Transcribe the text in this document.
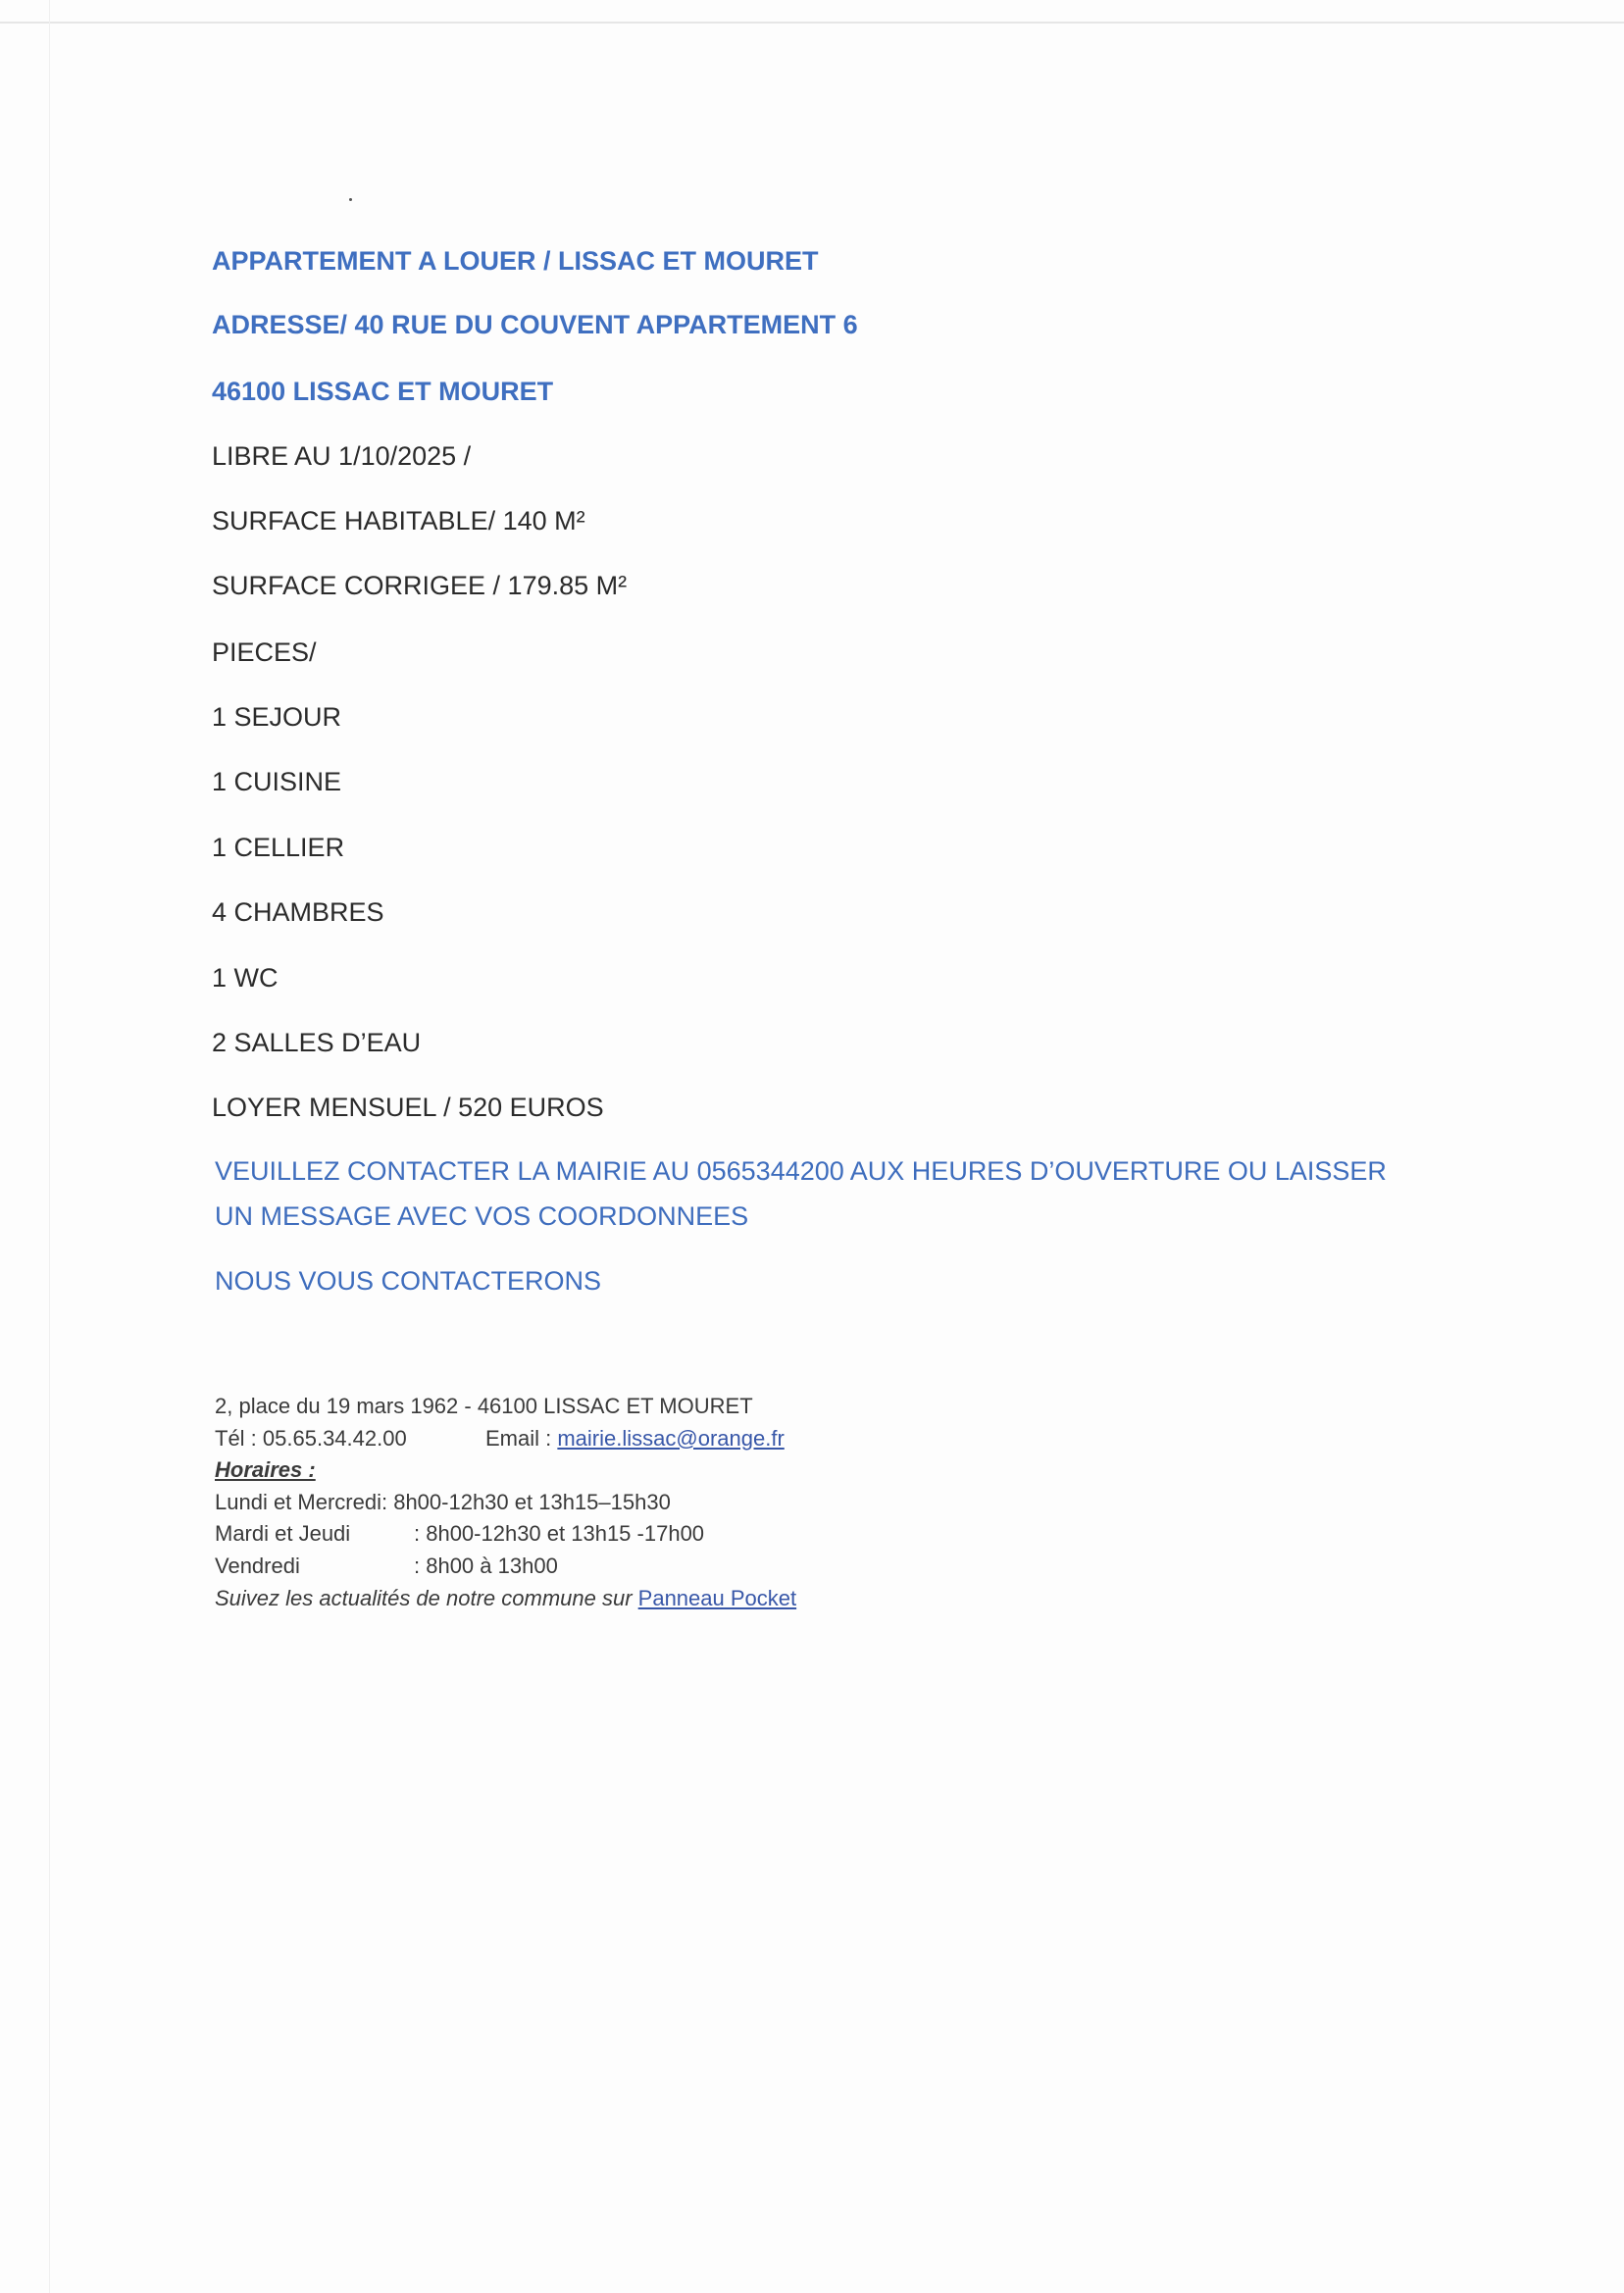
APPARTEMENT A LOUER / LISSAC ET MOURET
ADRESSE/ 40 RUE DU COUVENT APPARTEMENT 6
46100 LISSAC ET MOURET
LIBRE AU 1/10/2025 /
SURFACE HABITABLE/ 140 M²
SURFACE CORRIGEE / 179.85 M²
PIECES/
1 SEJOUR
1 CUISINE
1 CELLIER
4 CHAMBRES
1 WC
2 SALLES D’EAU
LOYER MENSUEL / 520 EUROS
VEUILLEZ CONTACTER LA MAIRIE AU 0565344200 AUX HEURES D’OUVERTURE OU LAISSER
UN MESSAGE AVEC VOS COORDONNEES
NOUS VOUS CONTACTERONS
2, place du 19 mars 1962 - 46100 LISSAC ET MOURET
Tél : 05.65.34.42.00	Email : mairie.lissac@orange.fr
Horaires :
Lundi et Mercredi: 8h00-12h30 et 13h15–15h30
Mardi et Jeudi	: 8h00-12h30 et 13h15 -17h00
Vendredi	: 8h00 à 13h00
Suivez les actualités de notre commune sur Panneau Pocket
